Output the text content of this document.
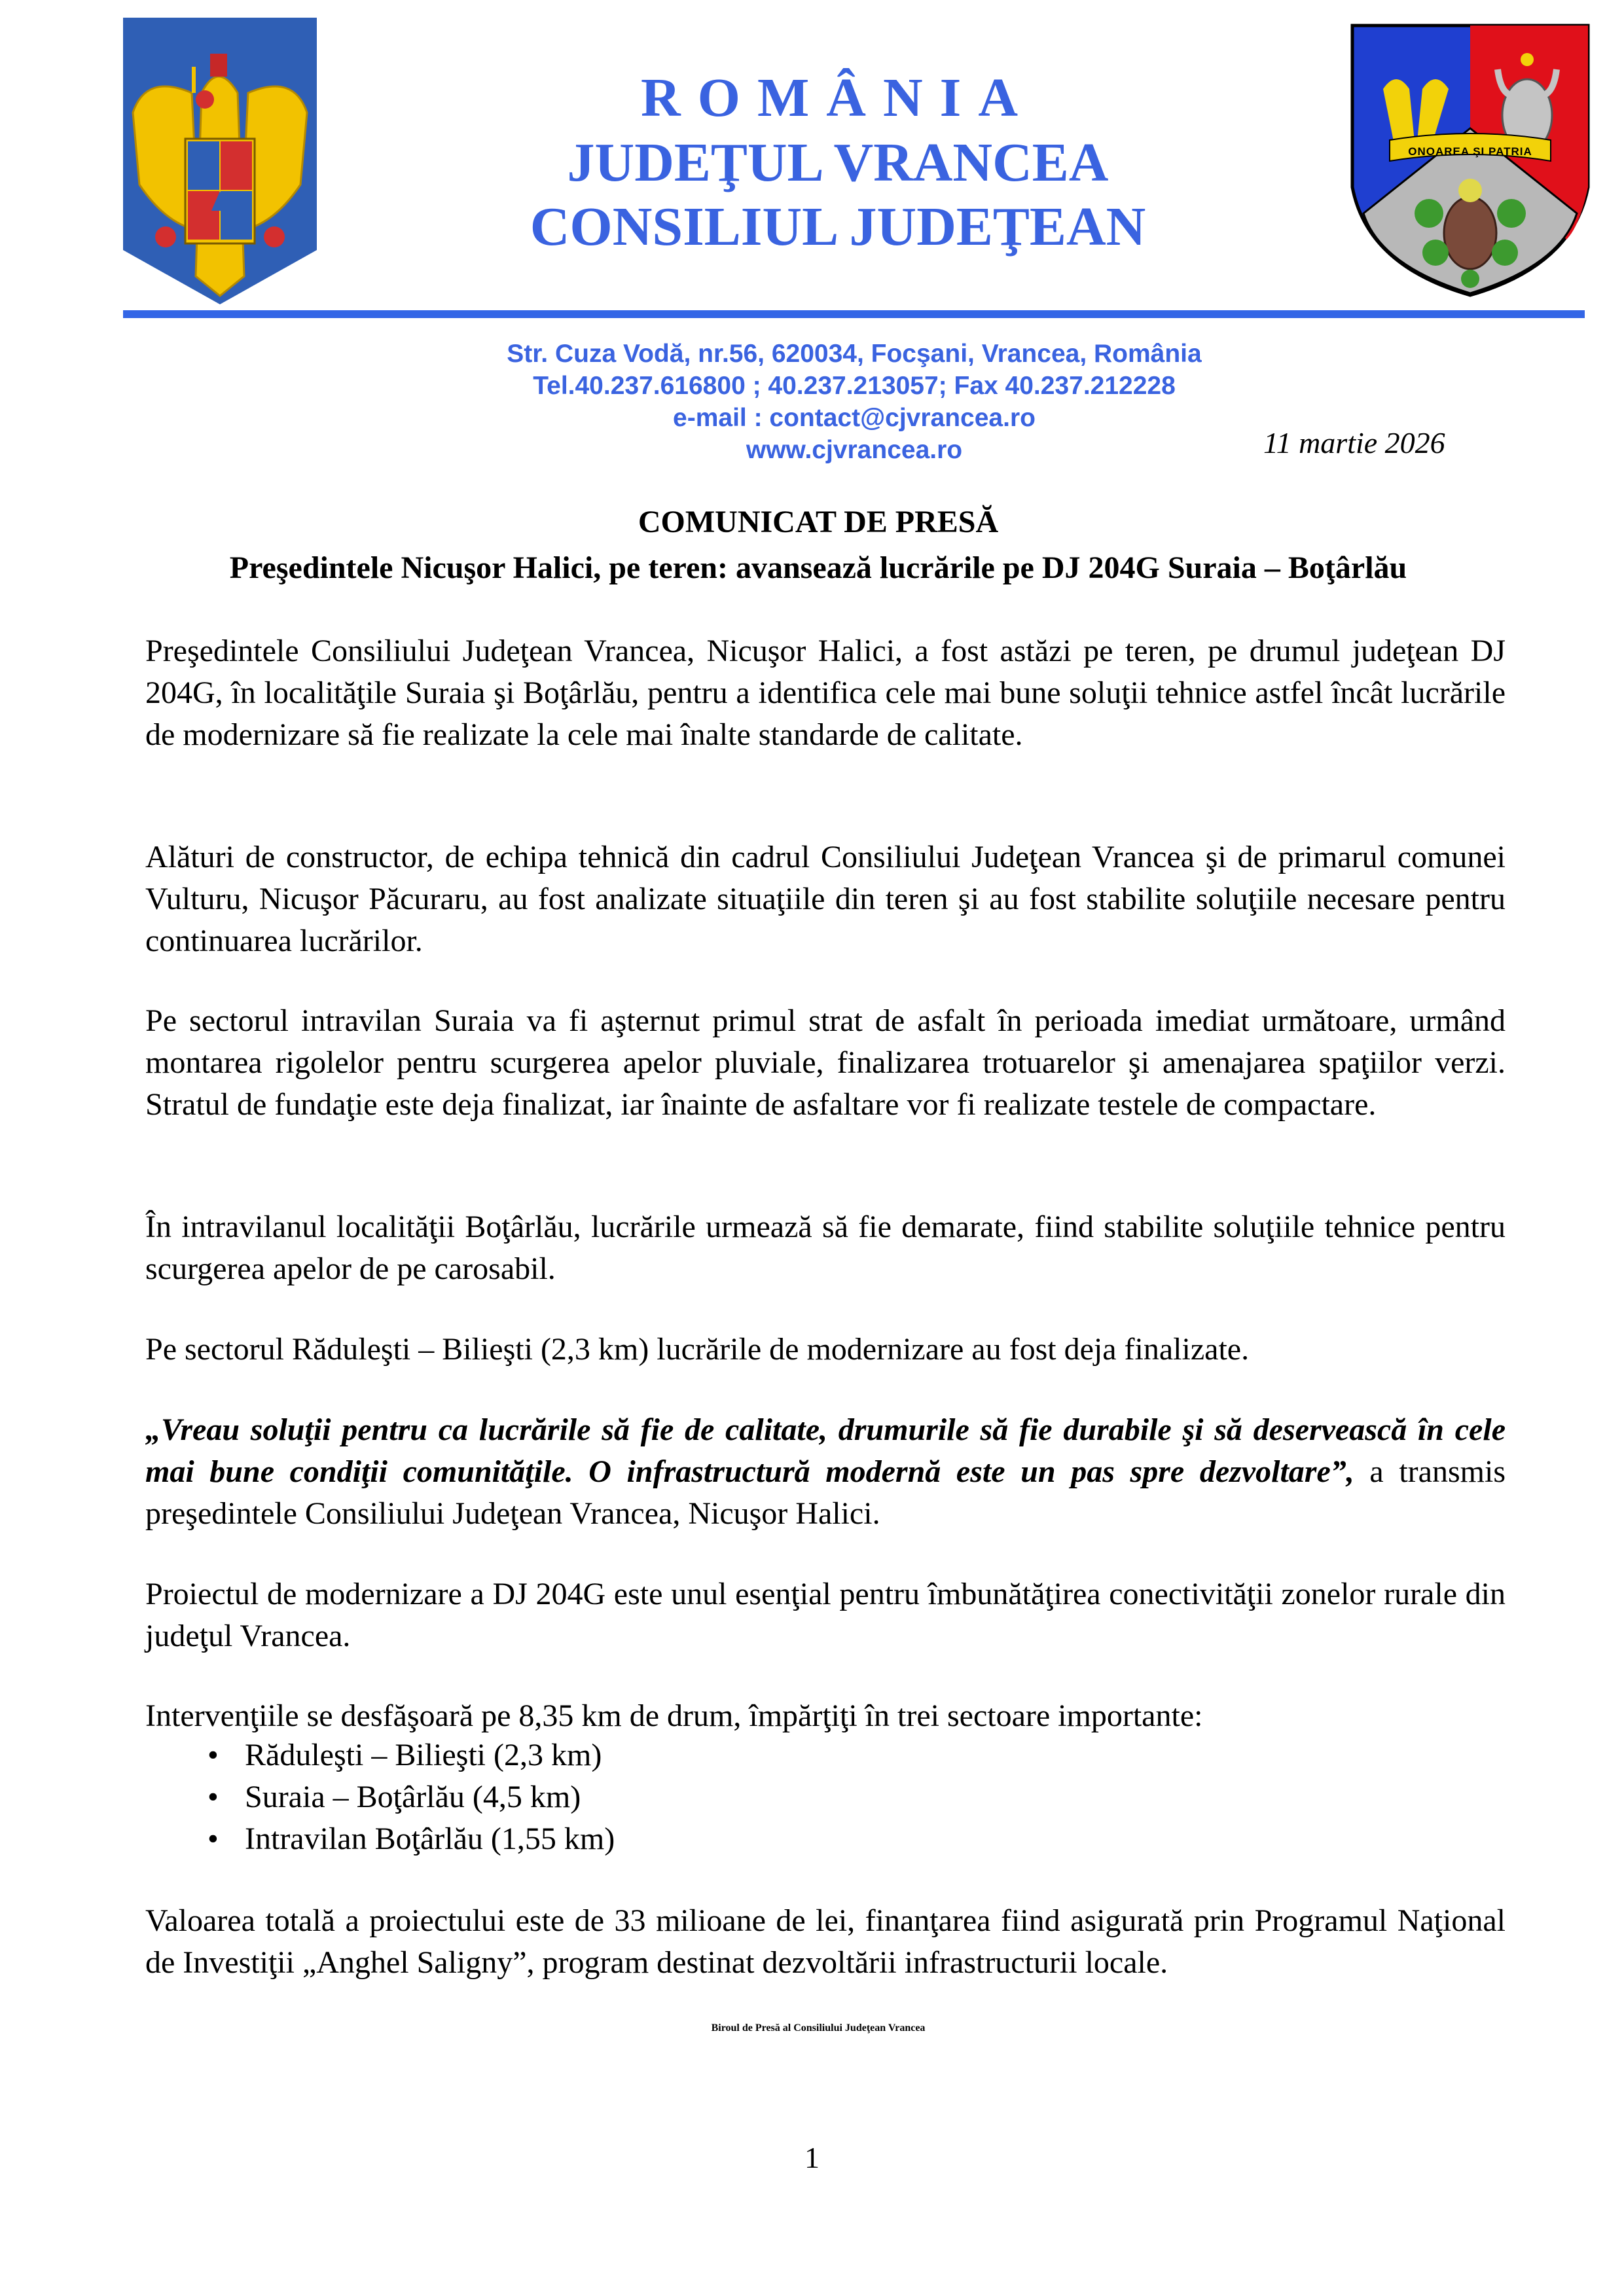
ROMÂNIA
JUDEŢUL VRANCEA
CONSILIUL JUDEŢEAN
ONOAREA ŞI PATRIA
Str. Cuza Vodă, nr.56, 620034, Focşani, Vrancea, România
Tel.40.237.616800 ; 40.237.213057; Fax 40.237.212228
e-mail : contact@cjvrancea.ro
www.cjvrancea.ro	11 martie 2026
COMUNICAT DE PRESĂ
Preşedintele Nicuşor Halici, pe teren: avansează lucrările pe DJ 204G Suraia – Boţârlău
Preşedintele Consiliului Judeţean Vrancea, Nicuşor Halici, a fost astăzi pe teren, pe drumul judeţean DJ 204G, în localităţile Suraia şi Boţârlău, pentru a identifica cele mai bune soluţii tehnice astfel încât lucrările de modernizare să fie realizate la cele mai înalte standarde de calitate.
Alături de constructor, de echipa tehnică din cadrul Consiliului Judeţean Vrancea şi de primarul comunei Vulturu, Nicuşor Păcuraru, au fost analizate situaţiile din teren şi au fost stabilite soluţiile necesare pentru continuarea lucrărilor.
Pe sectorul intravilan Suraia va fi aşternut primul strat de asfalt în perioada imediat următoare, urmând montarea rigolelor pentru scurgerea apelor pluviale, finalizarea trotuarelor şi amenajarea spaţiilor verzi. Stratul de fundaţie este deja finalizat, iar înainte de asfaltare vor fi realizate testele de compactare.
În intravilanul localităţii Boţârlău, lucrările urmează să fie demarate, fiind stabilite soluţiile tehnice pentru scurgerea apelor de pe carosabil.
Pe sectorul Răduleşti – Bilieşti (2,3 km) lucrările de modernizare au fost deja finalizate.
„Vreau soluţii pentru ca lucrările să fie de calitate, drumurile să fie durabile şi să deservească în cele mai bune condiţii comunităţile. O infrastructură modernă este un pas spre dezvoltare”, a transmis preşedintele Consiliului Judeţean Vrancea, Nicuşor Halici.
Proiectul de modernizare a DJ 204G este unul esenţial pentru îmbunătăţirea conectivităţii zonelor rurale din judeţul Vrancea.
Intervenţiile se desfăşoară pe 8,35 km de drum, împărţiţi în trei sectoare importante:
• Răduleşti – Bilieşti (2,3 km)
• Suraia – Boţârlău (4,5 km)
• Intravilan Boţârlău (1,55 km)
Valoarea totală a proiectului este de 33 milioane de lei, finanţarea fiind asigurată prin Programul Naţional de Investiţii „Anghel Saligny”, program destinat dezvoltării infrastructurii locale.
Biroul de Presă al Consiliului Judeţean Vrancea
1
